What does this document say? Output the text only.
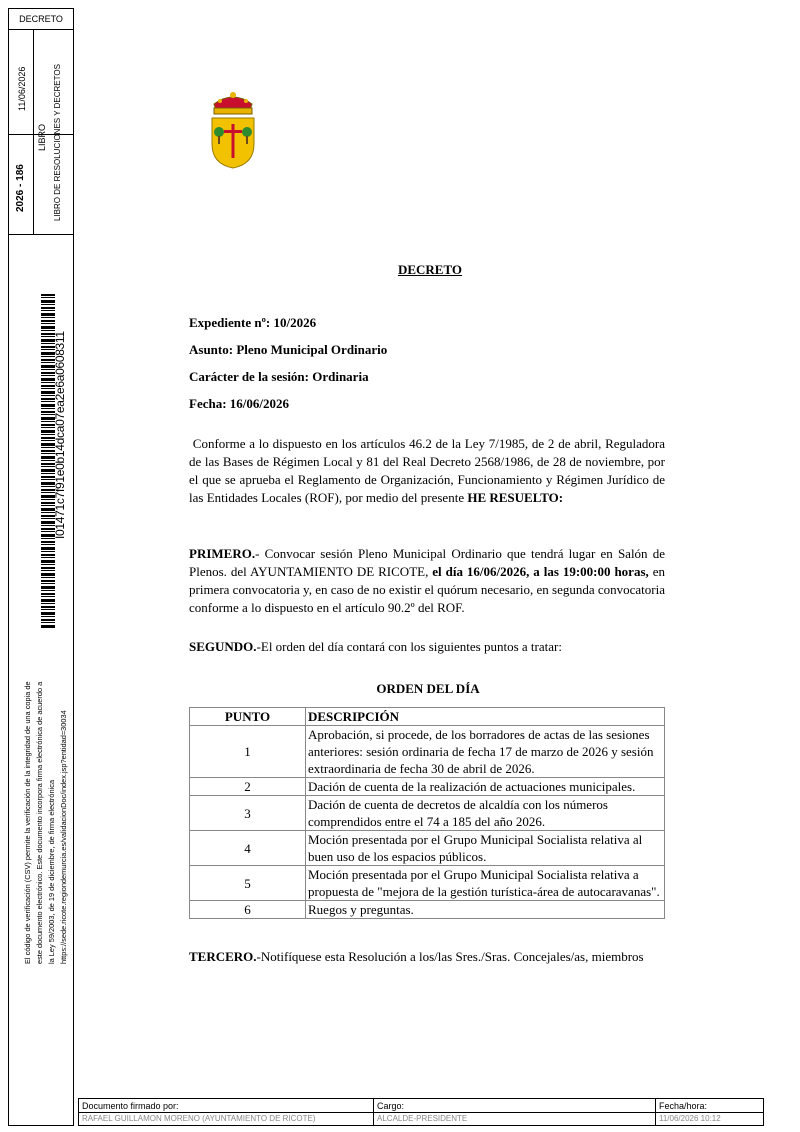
DECRETO
11/06/2026
2026 - 186
LIBRO LIBRO DE RESOLUCIONES Y DECRETOS
I01471c7f91e0b14dca07ea2e6a0608311
El código de verificación (CSV) permite la verificación de la integridad de una copia de este documento electrónico. Este documento incorpora firma electrónica de acuerdo a la Ley 59/2003, de 19 de diciembre, de firma electrónica https://sede.ricote.regiondemurcia.es/validacionDoc/index.jsp?entidad=30034
DECRETO
Expediente nº: 10/2026
Asunto: Pleno Municipal Ordinario
Carácter de la sesión: Ordinaria
Fecha: 16/06/2026
Conforme a lo dispuesto en los artículos 46.2 de la Ley 7/1985, de 2 de abril, Reguladora de las Bases de Régimen Local y 81 del Real Decreto 2568/1986, de 28 de noviembre, por el que se aprueba el Reglamento de Organización, Funcionamiento y Régimen Jurídico de las Entidades Locales (ROF), por medio del presente HE RESUELTO:
PRIMERO.- Convocar sesión Pleno Municipal Ordinario que tendrá lugar en Salón de Plenos. del AYUNTAMIENTO DE RICOTE, el día 16/06/2026, a las 19:00:00 horas, en primera convocatoria y, en caso de no existir el quórum necesario, en segunda convocatoria conforme a lo dispuesto en el artículo 90.2º del ROF.
SEGUNDO.-El orden del día contará con los siguientes puntos a tratar:
ORDEN DEL DÍA
PUNTO	DESCRIPCIÓN
1	Aprobación, si procede, de los borradores de actas de las sesiones anteriores: sesión ordinaria de fecha 17 de marzo de 2026 y sesión extraordinaria de fecha 30 de abril de 2026.
2	Dación de cuenta de la realización de actuaciones municipales.
3	Dación de cuenta de decretos de alcaldía con los números comprendidos entre el 74 a 185 del año 2026.
4	Moción presentada por el Grupo Municipal Socialista relativa al buen uso de los espacios públicos.
5	Moción presentada por el Grupo Municipal Socialista relativa a propuesta de "mejora de la gestión turística-área de autocaravanas".
6	Ruegos y preguntas.
TERCERO.-Notifíquese esta Resolución a los/las Sres./Sras. Concejales/as, miembros
Documento firmado por:
RAFAEL GUILLAMON MORENO (AYUNTAMIENTO DE RICOTE)
Cargo:
ALCALDE-PRESIDENTE
Fecha/hora:
11/06/2026 10:12
